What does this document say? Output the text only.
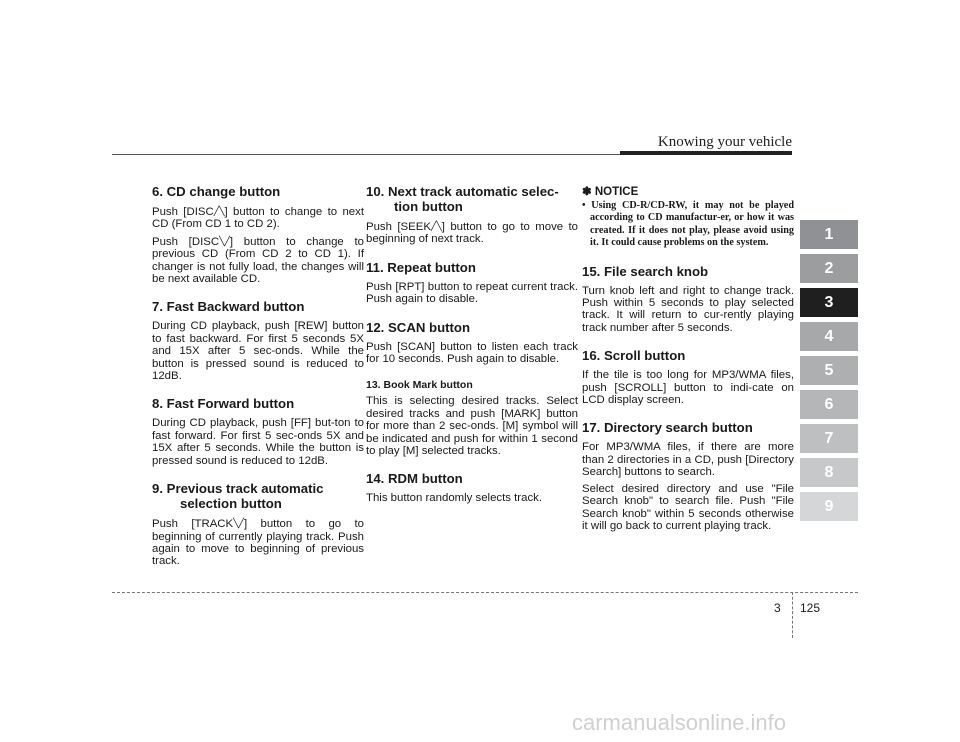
Knowing your vehicle
6. CD change button

Push [DISC╱╲] button to change to next CD (From CD 1 to CD 2).

Push [DISC╲╱] button to change to previous CD (From CD 2 to CD 1). If changer is not fully load, the changes will be next available CD.

7. Fast Backward button

During CD playback, push [REW] button to fast backward. For first 5 seconds 5X and 15X after 5 sec-onds. While the button is pressed sound is reduced to 12dB.

8. Fast Forward button

During CD playback, push [FF] but-ton to fast forward. For first 5 sec-onds 5X and 15X after 5 seconds. While the button is pressed sound is reduced to 12dB.

9. Previous track automatic selection button

Push [TRACK╲╱] button to go to beginning of currently playing track. Push again to move to beginning of previous track.

10. Next track automatic selec-tion button

Push [SEEK╱╲] button to go to move to beginning of next track.

11. Repeat button

Push [RPT] button to repeat current track. Push again to disable.

12. SCAN button

Push [SCAN] button to listen each track for 10 seconds. Push again to disable.

13. Book Mark button

This is selecting desired tracks. Select desired tracks and push [MARK] button for more than 2 sec-onds. [M] symbol will be indicated and push for within 1 second to play [M] selected tracks.

14. RDM button

This button randomly selects track.

✽ NOTICE

• Using CD-R/CD-RW, it may not be played according to CD manufactur-er, or how it was created. If it does not play, please avoid using it. It could cause problems on the system.

15. File search knob

Turn knob left and right to change track. Push within 5 seconds to play selected track. It will return to cur-rently playing track number after 5 seconds.

16. Scroll button

If the tile is too long for MP3/WMA files, push [SCROLL] button to indi-cate on LCD display screen.

17. Directory search button

For MP3/WMA files, if there are more than 2 directories in a CD, push [Directory Search] buttons to search.

Select desired directory and use "File Search knob" to search file. Push "File Search knob" within 5 seconds otherwise it will go back to current playing track.

1
2
3
4
5
6
7
8
9
3 125
carmanualsonline.info
